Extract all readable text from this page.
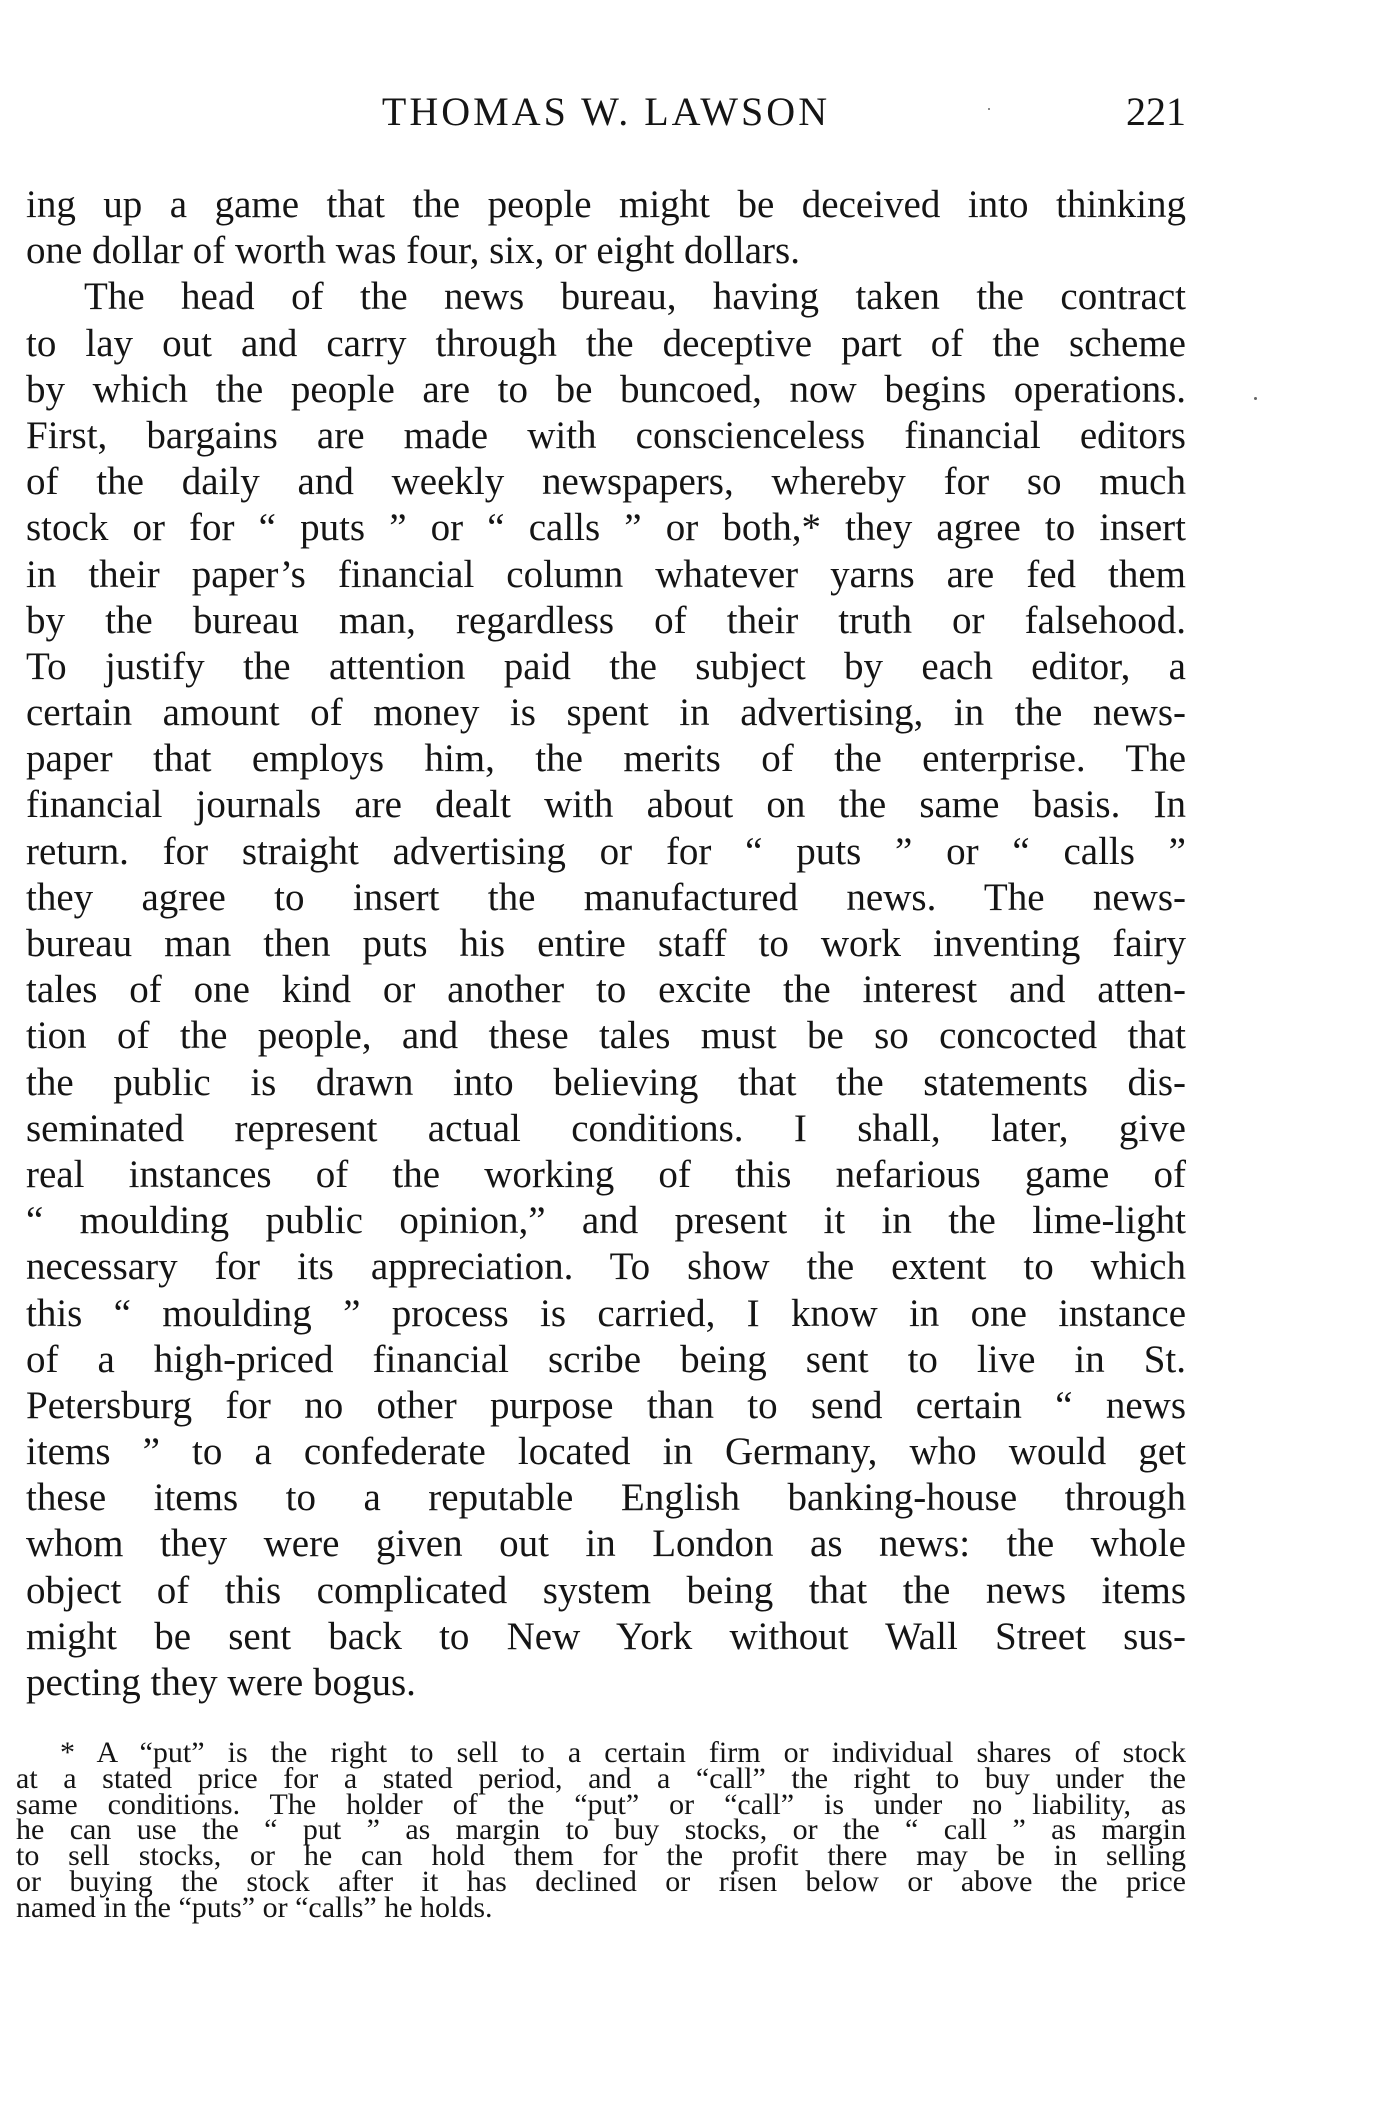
THOMAS W. LAWSON	221
ing up a game that the people might be deceived into thinking
one dollar of worth was four, six, or eight dollars.
The head of the news bureau, having taken the contract
to lay out and carry through the deceptive part of the scheme
by which the people are to be buncoed, now begins operations.
First, bargains are made with conscienceless financial editors
of the daily and weekly newspapers, whereby for so much
stock or for “ puts ” or “ calls ” or both,* they agree to insert
in their paper’s financial column whatever yarns are fed them
by the bureau man, regardless of their truth or falsehood.
To justify the attention paid the subject by each editor, a
certain amount of money is spent in advertising, in the news-
paper that employs him, the merits of the enterprise. The
financial journals are dealt with about on the same basis. In
return. for straight advertising or for “ puts ” or “ calls ”
they agree to insert the manufactured news. The news-
bureau man then puts his entire staff to work inventing fairy
tales of one kind or another to excite the interest and atten-
tion of the people, and these tales must be so concocted that
the public is drawn into believing that the statements dis-
seminated represent actual conditions. I shall, later, give
real instances of the working of this nefarious game of
“ moulding public opinion,” and present it in the lime-light
necessary for its appreciation. To show the extent to which
this “ moulding ” process is carried, I know in one instance
of a high-priced financial scribe being sent to live in St.
Petersburg for no other purpose than to send certain “ news
items ” to a confederate located in Germany, who would get
these items to a reputable English banking-house through
whom they were given out in London as news: the whole
object of this complicated system being that the news items
might be sent back to New York without Wall Street sus-
pecting they were bogus.
* A “put” is the right to sell to a certain firm or individual shares of stock
at a stated price for a stated period, and a “call” the right to buy under the
same conditions. The holder of the “put” or “call” is under no liability, as
he can use the “ put ” as margin to buy stocks, or the “ call ” as margin
to sell stocks, or he can hold them for the profit there may be in selling
or buying the stock after it has declined or risen below or above the price
named in the “puts” or “calls” he holds.
